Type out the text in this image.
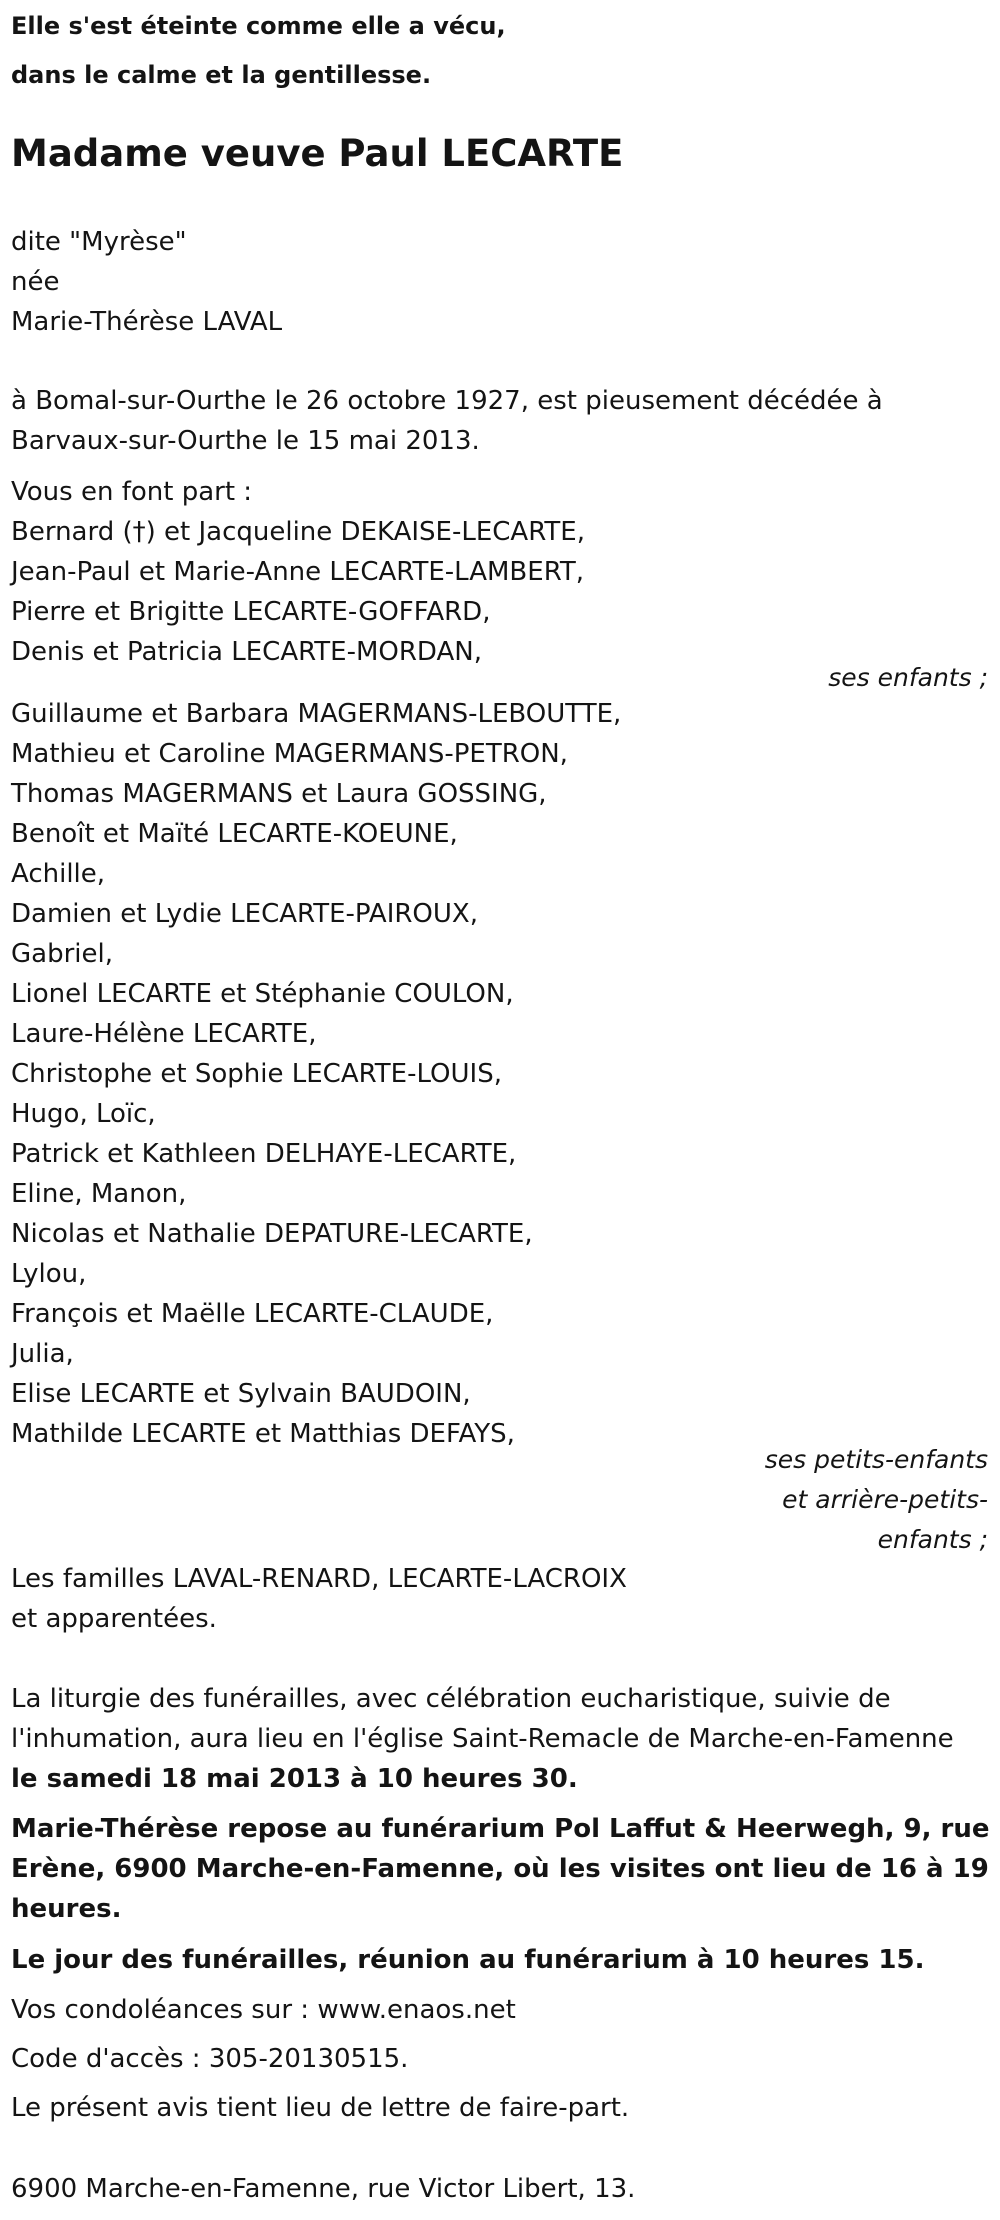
Elle s'est éteinte comme elle a vécu,
dans le calme et la gentillesse.
Madame veuve Paul LECARTE
dite "Myrèse"
née
Marie-Thérèse LAVAL
à Bomal-sur-Ourthe le 26 octobre 1927, est pieusement décédée à
Barvaux-sur-Ourthe le 15 mai 2013.
Vous en font part :
Bernard (†) et Jacqueline DEKAISE-LECARTE,
Jean-Paul et Marie-Anne LECARTE-LAMBERT,
Pierre et Brigitte LECARTE-GOFFARD,
Denis et Patricia LECARTE-MORDAN,
ses enfants ;
Guillaume et Barbara MAGERMANS-LEBOUTTE,
Mathieu et Caroline MAGERMANS-PETRON,
Thomas MAGERMANS et Laura GOSSING,
Benoît et Maïté LECARTE-KOEUNE,
Achille,
Damien et Lydie LECARTE-PAIROUX,
Gabriel,
Lionel LECARTE et Stéphanie COULON,
Laure-Hélène LECARTE,
Christophe et Sophie LECARTE-LOUIS,
Hugo, Loïc,
Patrick et Kathleen DELHAYE-LECARTE,
Eline, Manon,
Nicolas et Nathalie DEPATURE-LECARTE,
Lylou,
François et Maëlle LECARTE-CLAUDE,
Julia,
Elise LECARTE et Sylvain BAUDOIN,
Mathilde LECARTE et Matthias DEFAYS,
ses petits-enfants
et arrière-petits-
enfants ;
Les familles LAVAL-RENARD, LECARTE-LACROIX
et apparentées.
La liturgie des funérailles, avec célébration eucharistique, suivie de
l'inhumation, aura lieu en l'église Saint-Remacle de Marche-en-Famenne
le samedi 18 mai 2013 à 10 heures 30.
Marie-Thérèse repose au funérarium Pol Laffut & Heerwegh, 9, rue
Erène, 6900 Marche-en-Famenne, où les visites ont lieu de 16 à 19
heures.
Le jour des funérailles, réunion au funérarium à 10 heures 15.
Vos condoléances sur : www.enaos.net
Code d'accès : 305-20130515.
Le présent avis tient lieu de lettre de faire-part.
6900 Marche-en-Famenne, rue Victor Libert, 13.
